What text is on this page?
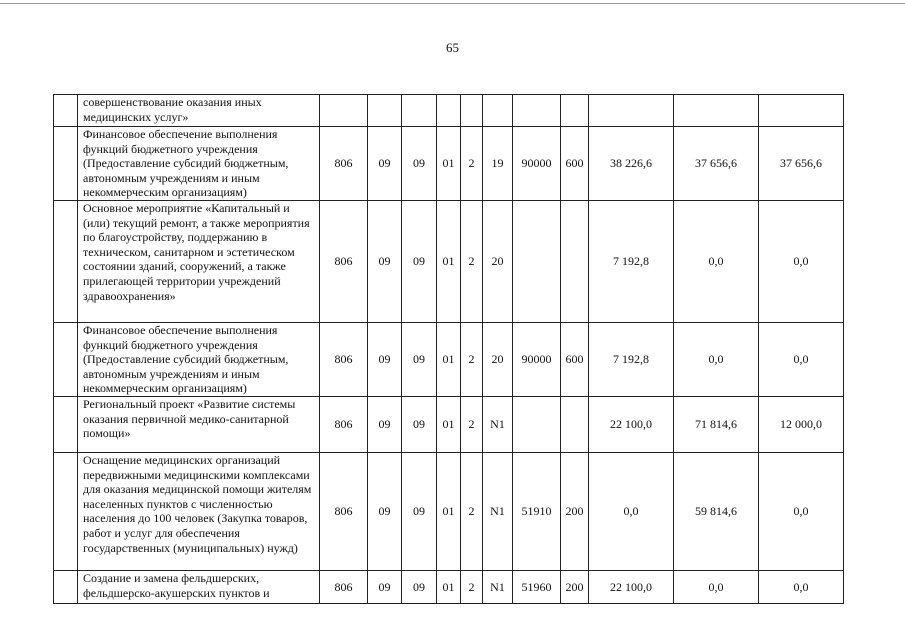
65
	совершенствование оказания иных медицинских услуг»											
	Финансовое обеспечение выполнения функций бюджетного учреждения (Предоставление субсидий бюджетным, автономным учреждениям и иным некоммерческим организациям)	806	09	09	01	2	19	90000	600	38 226,6	37 656,6	37 656,6
	Основное мероприятие «Капитальный и (или) текущий ремонт, а также мероприятия по благоустройству, поддержанию в техническом, санитарном и эстетическом состоянии зданий, сооружений, а также прилегающей территории учреждений здравоохранения»	806	09	09	01	2	20			7 192,8	0,0	0,0
	Финансовое обеспечение выполнения функций бюджетного учреждения (Предоставление субсидий бюджетным, автономным учреждениям и иным некоммерческим организациям)	806	09	09	01	2	20	90000	600	7 192,8	0,0	0,0
	Региональный проект «Развитие системы оказания первичной медико-санитарной помощи»	806	09	09	01	2	N1			22 100,0	71 814,6	12 000,0
	Оснащение медицинских организаций передвижными медицинскими комплексами для оказания медицинской помощи жителям населенных пунктов с численностью населения до 100 человек (Закупка товаров, работ и услуг для обеспечения государственных (муниципальных) нужд)	806	09	09	01	2	N1	51910	200	0,0	59 814,6	0,0
	Создание и замена фельдшерских, фельдшерско-акушерских пунктов и	806	09	09	01	2	N1	51960	200	22 100,0	0,0	0,0
